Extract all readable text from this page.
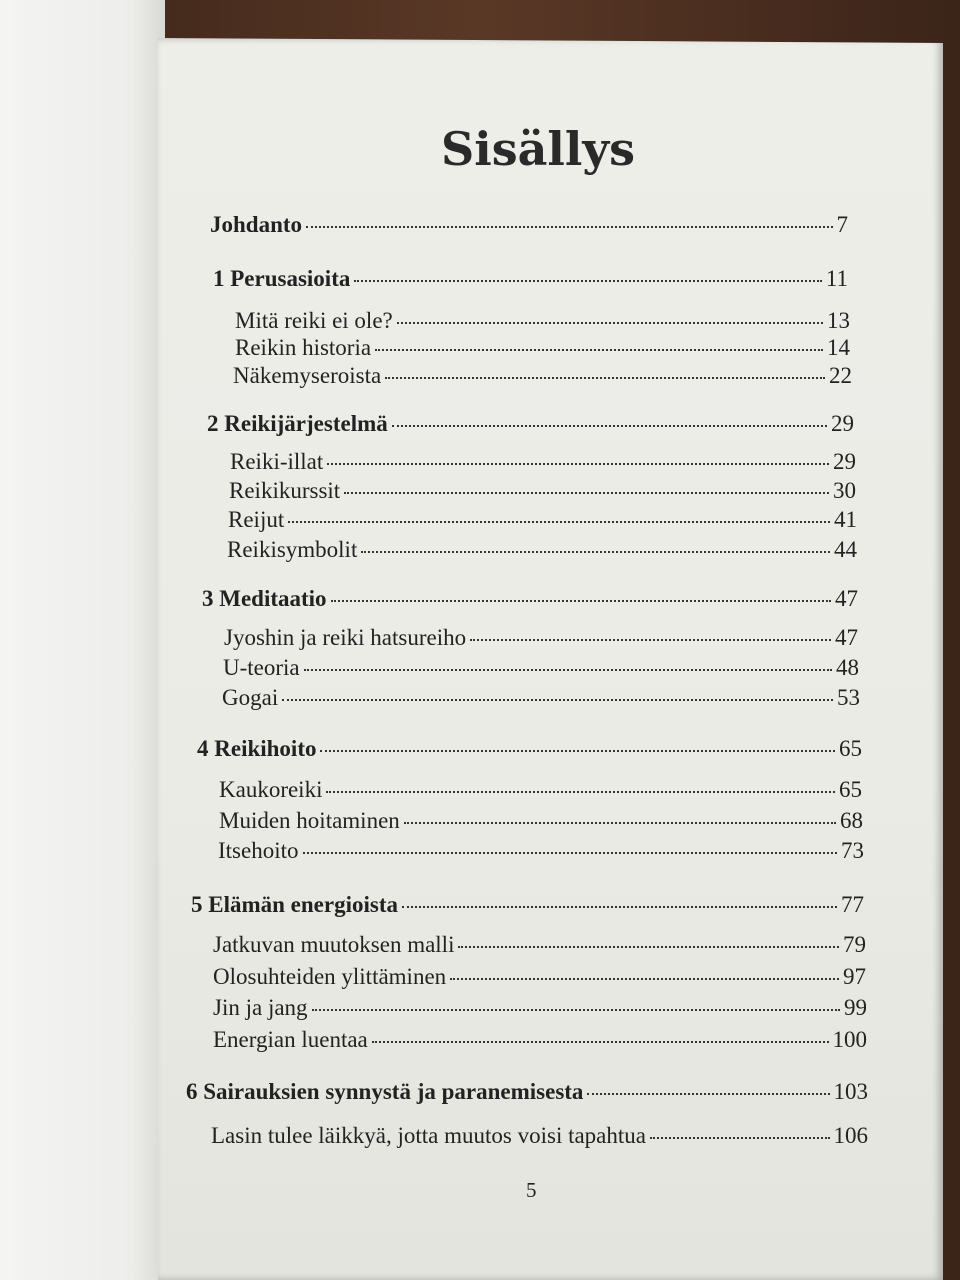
Sisällys
Johdanto	7
1 Perusasioita	11
Mitä reiki ei ole?	13
Reikin historia	14
Näkemyseroista	22
2 Reikijärjestelmä	29
Reiki-illat	29
Reikikurssit	30
Reijut	41
Reikisymbolit	44
3 Meditaatio	47
Jyoshin ja reiki hatsureiho	47
U-teoria	48
Gogai	53
4 Reikihoito	65
Kaukoreiki	65
Muiden hoitaminen	68
Itsehoito	73
5 Elämän energioista	77
Jatkuvan muutoksen malli	79
Olosuhteiden ylittäminen	97
Jin ja jang	99
Energian luentaa	100
6 Sairauksien synnystä ja paranemisesta	103
Lasin tulee läikkyä, jotta muutos voisi tapahtua	106
5
